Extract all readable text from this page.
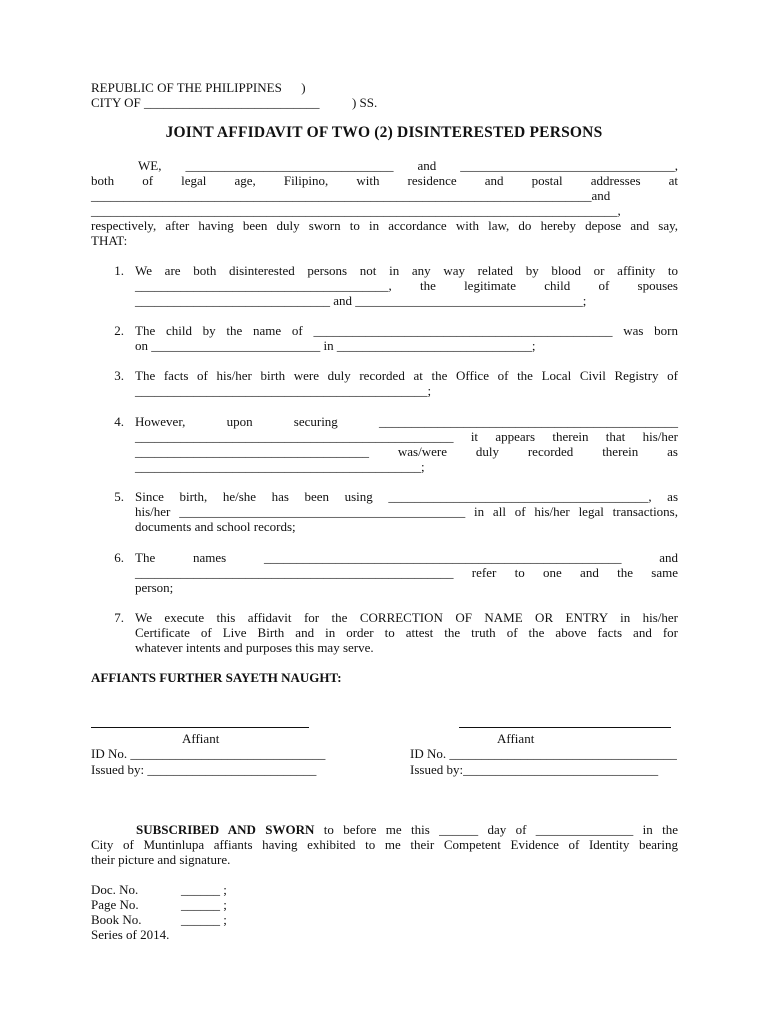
REPUBLIC OF THE PHILIPPINES      )
CITY OF ___________________________          ) SS.
JOINT AFFIDAVIT OF TWO (2) DISINTERESTED PERSONS
WE, ________________________________ and _________________________________,
both of legal age, Filipino, with residence and postal addresses at
_____________________________________________________________________________and
_________________________________________________________________________________,
respectively, after having been duly sworn to in accordance with law, do hereby depose and say,
THAT:
1. We are both disinterested persons not in any way related by blood or affinity to
_______________________________________, the legitimate child of spouses
______________________________ and ___________________________________;
2. The child by the name of ______________________________________________ was born
on __________________________ in ______________________________;
3. The facts of his/her birth were duly recorded at the Office of the Local Civil Registry of
_____________________________________________;
4. However, upon securing ______________________________________________
_________________________________________________ it appears therein that his/her
____________________________________ was/were duly recorded therein as
____________________________________________;
5. Since birth, he/she has been using ________________________________________, as
his/her ____________________________________________ in all of his/her legal transactions,
documents and school records;
6. The names _______________________________________________________ and
_________________________________________________ refer to one and the same
person;
7. We execute this affidavit for the CORRECTION OF NAME OR ENTRY in his/her
Certificate of Live Birth and in order to attest the truth of the above facts and for
whatever intents and purposes this may serve.
AFFIANTS FURTHER SAYETH NAUGHT:
Affiant	Affiant
ID No. ______________________________	ID No. ___________________________________
Issued by: __________________________	Issued by:______________________________
SUBSCRIBED AND SWORN to before me this ______ day of _______________ in the
City of Muntinlupa affiants having exhibited to me their Competent Evidence of Identity bearing
their picture and signature.
Doc. No.	______ ;
Page No.	______ ;
Book No.	______ ;
Series of 2014.
